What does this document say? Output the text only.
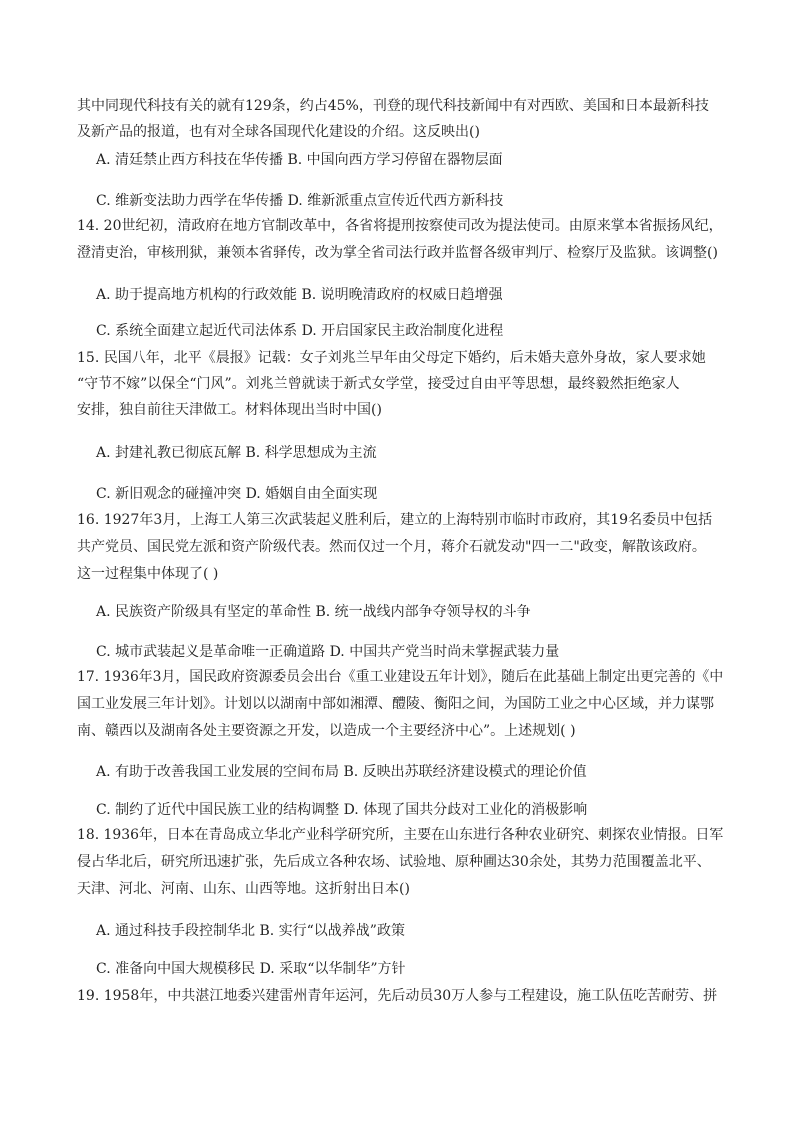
其中同现代科技有关的就有129条，约占45%，刊登的现代科技新闻中有对西欧、美国和日本最新科技
及新产品的报道，也有对全球各国现代化建设的介绍。这反映出()
A. 清廷禁止西方科技在华传播 B. 中国向西方学习停留在器物层面
C. 维新变法助力西学在华传播 D. 维新派重点宣传近代西方新科技
14. 20世纪初，清政府在地方官制改革中，各省将提刑按察使司改为提法使司。由原来掌本省振扬风纪，
澄清吏治，审核刑狱，兼领本省驿传，改为掌全省司法行政并监督各级审判厅、检察厅及监狱。该调整()
A. 助于提高地方机构的行政效能 B. 说明晚清政府的权威日趋增强
C. 系统全面建立起近代司法体系 D. 开启国家民主政治制度化进程
15. 民国八年，北平《晨报》记载：女子刘兆兰早年由父母定下婚约，后未婚夫意外身故，家人要求她
“守节不嫁”以保全“门风”。刘兆兰曾就读于新式女学堂，接受过自由平等思想，最终毅然拒绝家人
安排，独自前往天津做工。材料体现出当时中国()
A. 封建礼教已彻底瓦解 B. 科学思想成为主流
C. 新旧观念的碰撞冲突 D. 婚姻自由全面实现
16. 1927年3月，上海工人第三次武装起义胜利后，建立的上海特别市临时市政府，其19名委员中包括
共产党员、国民党左派和资产阶级代表。然而仅过一个月，蒋介石就发动"四一二"政变，解散该政府。
这一过程集中体现了( )
A. 民族资产阶级具有坚定的革命性 B. 统一战线内部争夺领导权的斗争
C. 城市武装起义是革命唯一正确道路 D. 中国共产党当时尚未掌握武装力量
17. 1936年3月，国民政府资源委员会出台《重工业建设五年计划》，随后在此基础上制定出更完善的《中
国工业发展三年计划》。计划以以湖南中部如湘潭、醴陵、衡阳之间，为国防工业之中心区域，并力谋鄂
南、赣西以及湖南各处主要资源之开发，以造成一个主要经济中心”。上述规划( )
A. 有助于改善我国工业发展的空间布局 B. 反映出苏联经济建设模式的理论价值
C. 制约了近代中国民族工业的结构调整 D. 体现了国共分歧对工业化的消极影响
18. 1936年，日本在青岛成立华北产业科学研究所，主要在山东进行各种农业研究、刺探农业情报。日军
侵占华北后，研究所迅速扩张，先后成立各种农场、试验地、原种圃达30余处，其势力范围覆盖北平、
天津、河北、河南、山东、山西等地。这折射出日本()
A. 通过科技手段控制华北 B. 实行“以战养战”政策
C. 准备向中国大规模移民 D. 采取“以华制华”方针
19. 1958年，中共湛江地委兴建雷州青年运河，先后动员30万人参与工程建设，施工队伍吃苦耐劳、拼
